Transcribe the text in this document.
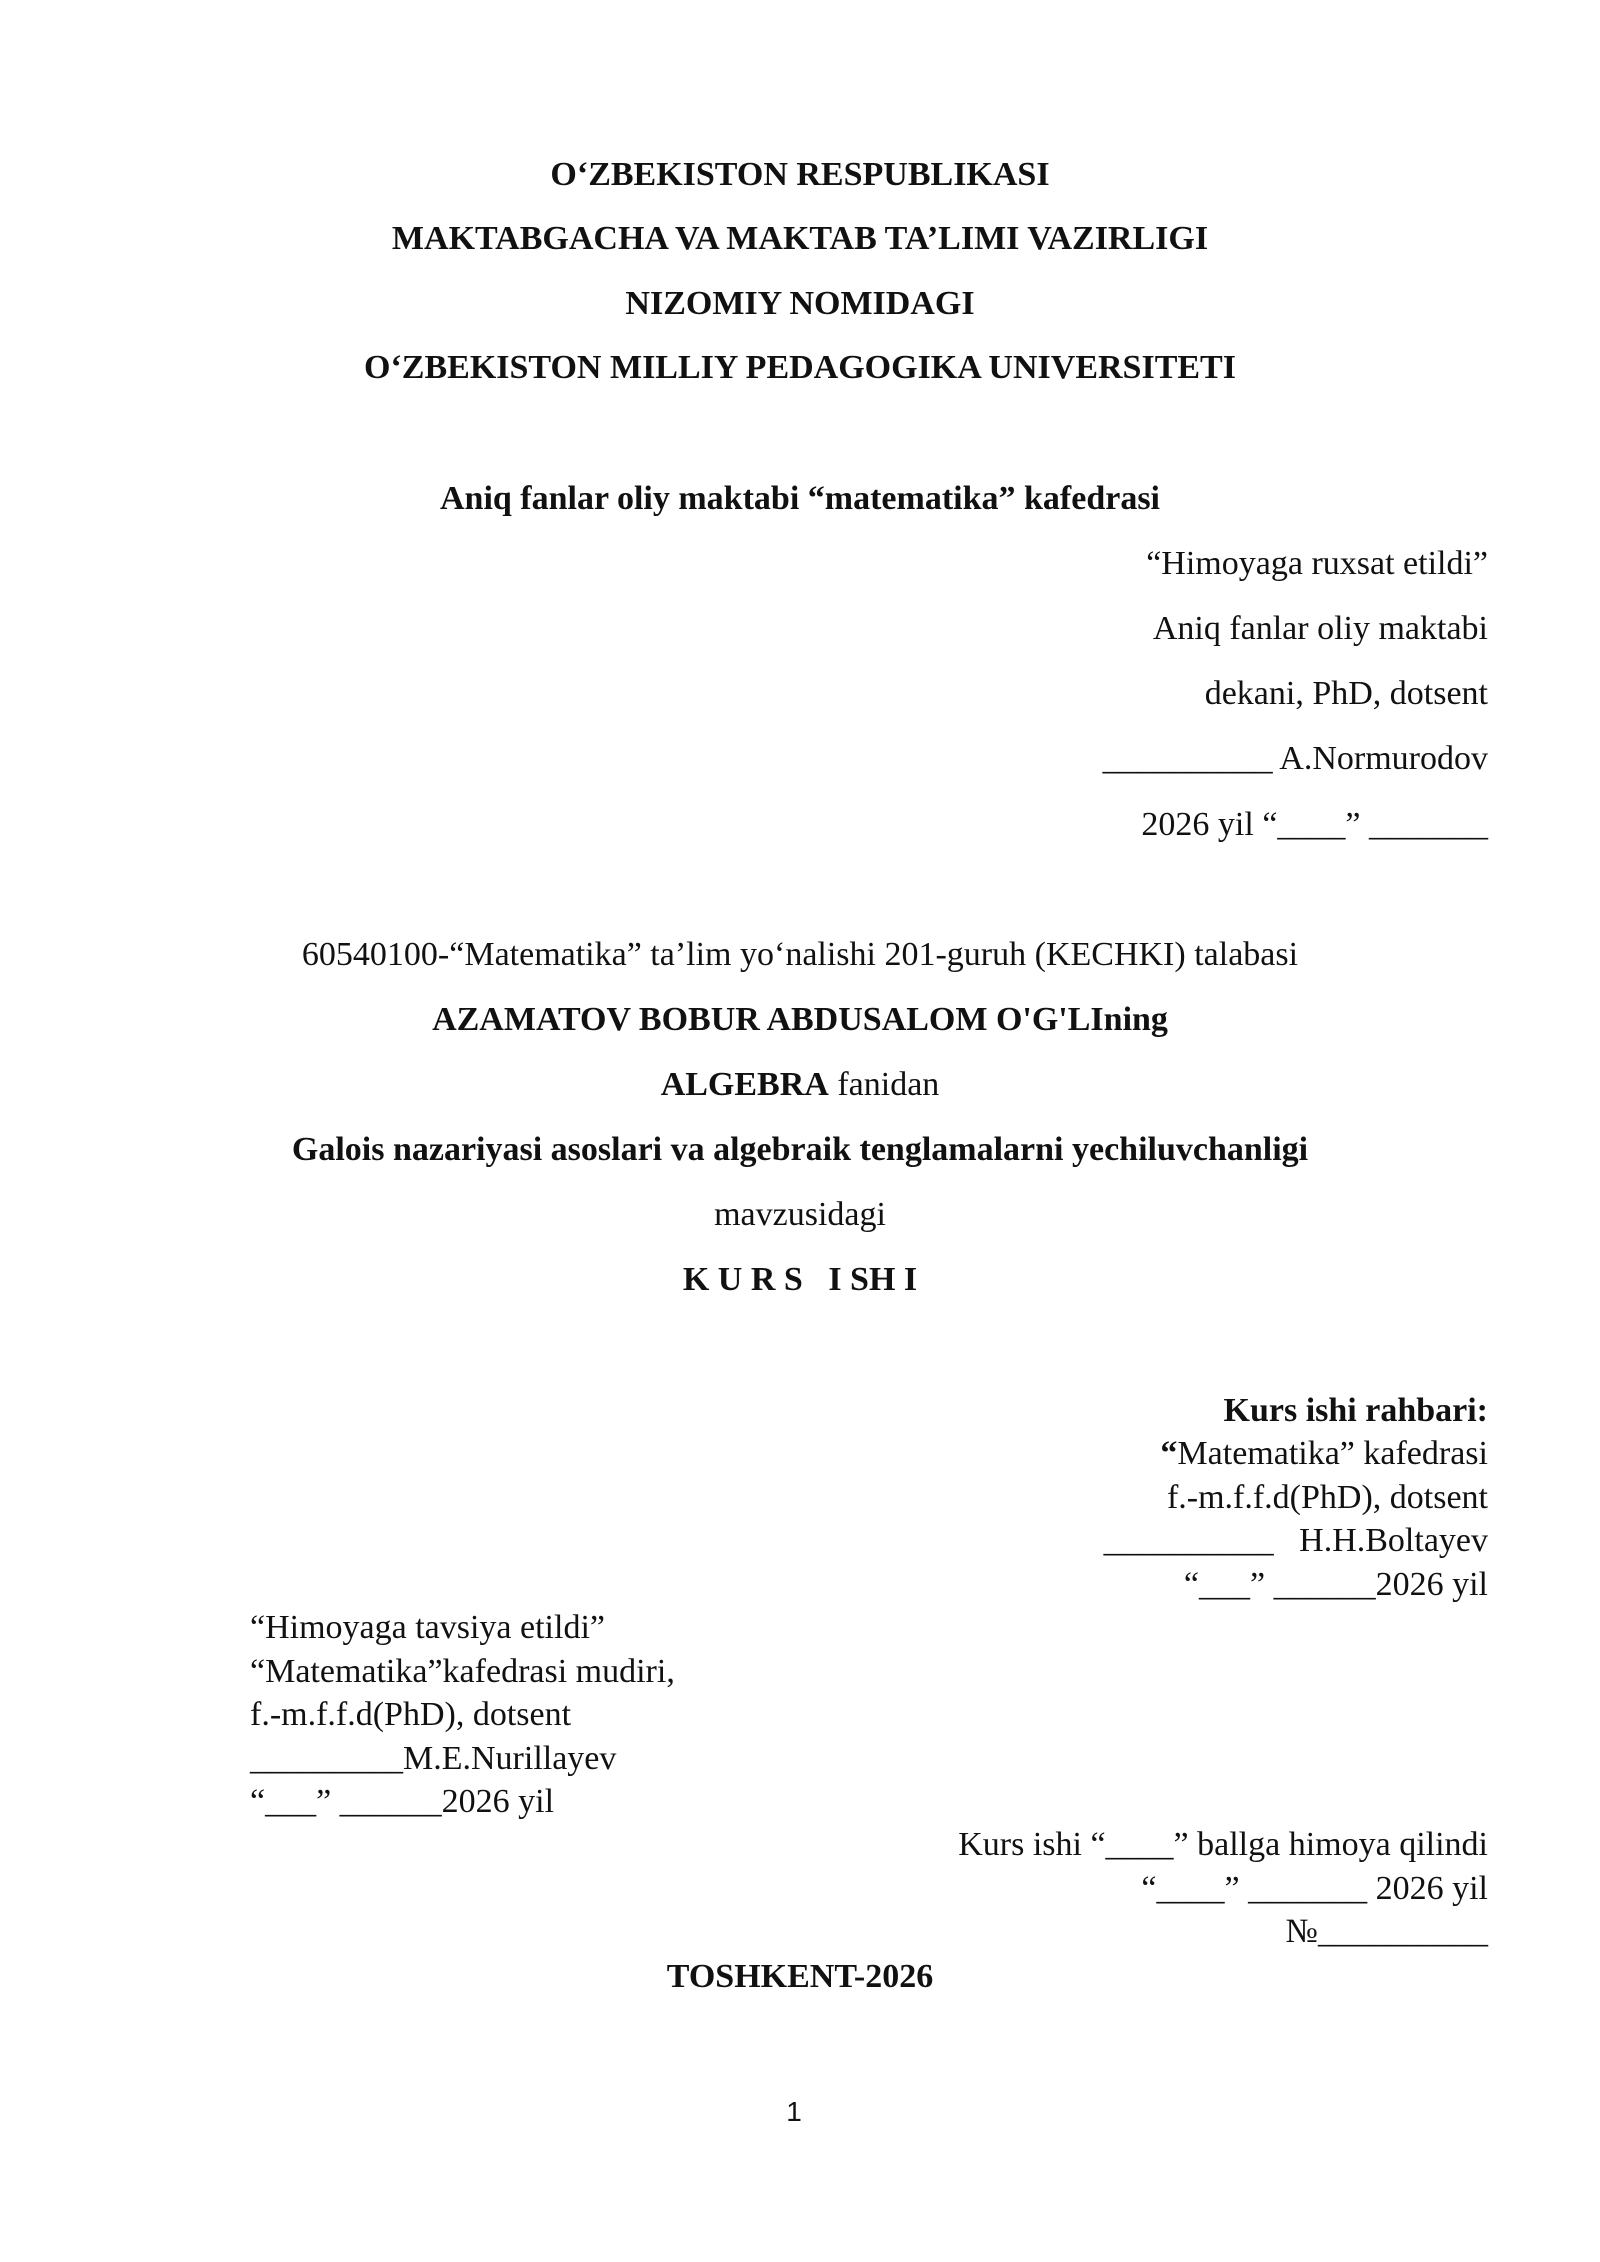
O‘ZBEKISTON RESPUBLIKASI
MAKTABGACHA VA MAKTAB TA’LIMI VAZIRLIGI
NIZOMIY NOMIDAGI
O‘ZBEKISTON MILLIY PEDAGOGIKA UNIVERSITETI
Aniq fanlar oliy maktabi “matematika” kafedrasi
“Himoyaga ruxsat etildi”
Aniq fanlar oliy maktabi
dekani, PhD, dotsent
__________ A.Normurodov
2026 yil “____” _______
60540100-“Matematika” ta’lim yo‘nalishi 201-guruh (KECHKI) talabasi
AZAMATOV BOBUR ABDUSALOM O'G'LIning
ALGEBRA fanidan
Galois nazariyasi asoslari va algebraik tenglamalarni yechiluvchanligi
mavzusidagi
K U R S   I SH I
Kurs ishi rahbari:
“Matematika” kafedrasi
f.-m.f.f.d(PhD), dotsent
__________   H.H.Boltayev
“___” ______2026 yil
“Himoyaga tavsiya etildi”
“Matematika”kafedrasi mudiri,
f.-m.f.f.d(PhD), dotsent
_________M.E.Nurillayev
“___” ______2026 yil
Kurs ishi “____” ballga himoya qilindi
“____” _______ 2026 yil
№__________
TOSHKENT-2026
1
